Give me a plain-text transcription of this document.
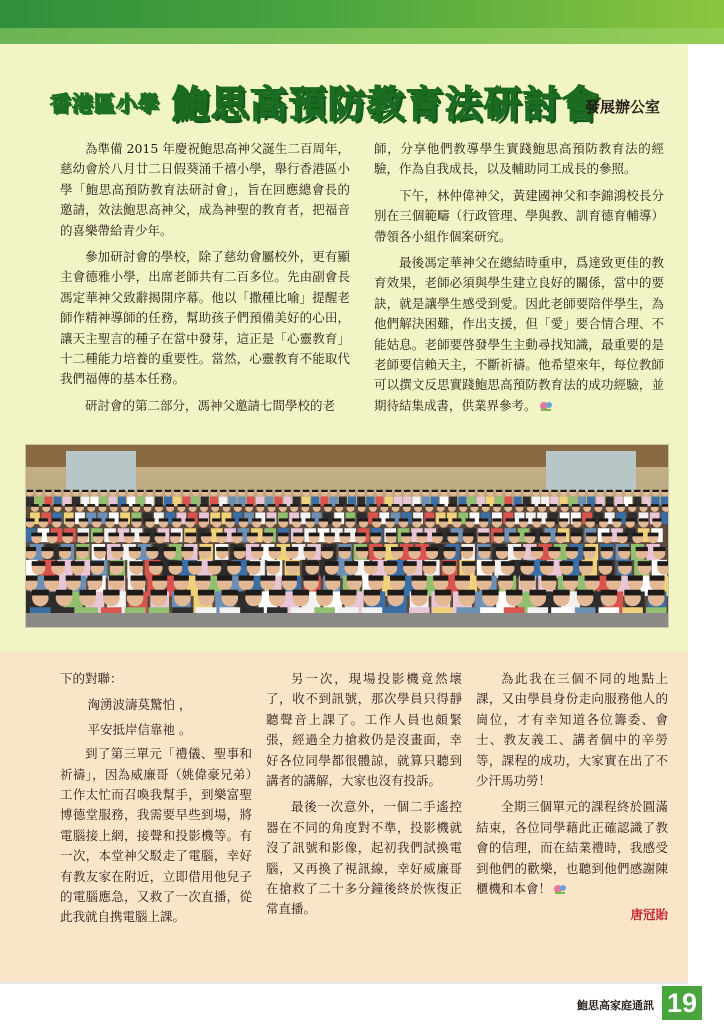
香港區小學 鮑思高預防教育法研討會
發展辦公室

為準備 2015 年慶祝鮑思高神父誕生二百周年，慈幼會於八月廿二日假葵涌千禧小學，舉行香港區小學「鮑思高預防教育法研討會」，旨在回應總會長的邀請，效法鮑思高神父，成為神聖的教育者，把福音的喜樂帶給青少年。

參加研討會的學校，除了慈幼會屬校外，更有顯主會德雅小學，出席老師共有二百多位。先由副會長馮定華神父致辭揭開序幕。他以「撒種比喻」提醒老師作精神導師的任務，幫助孩子們預備美好的心田，讓天主聖言的種子在當中發芽，這正是「心靈教育」十二種能力培養的重要性。當然，心靈教育不能取代我們福傳的基本任務。

研討會的第二部分，馮神父邀請七間學校的老

師，分享他們教導學生實踐鮑思高預防教育法的經驗，作為自我成長，以及輔助同工成長的參照。

下午，林仲偉神父，黃建國神父和李錦鴻校長分別在三個範疇（行政管理、學與教、訓育德育輔導）帶領各小組作個案研究。

最後馮定華神父在總結時重申，爲達致更佳的教育效果，老師必須與學生建立良好的關係，當中的要訣，就是讓學生感受到愛。因此老師要陪伴學生，為他們解決困難，作出支援，但「愛」要合情合理、不能姑息。老師要啓發學生主動尋找知識，最重要的是老師要信賴天主，不斷祈禱。他希望來年，每位教師可以撰文反思實踐鮑思高預防教育法的成功經驗，並期待結集成書，供業界參考。

下的對聯：

洶湧波濤莫驚怕 ，

平安抵岸信靠祂 。

到了第三單元「禮儀、聖事和祈禱」，因為威廉哥（姚偉豪兄弟）工作太忙而召喚我幫手，到樂富聖博德堂服務，我需要早些到場，將電腦接上網，接聲和投影機等。有一次，本堂神父駁走了電腦，幸好有教友家在附近，立即借用他兒子的電腦應急，又救了一次直播，從此我就自携電腦上課。

另一次，現場投影機竟然壞了，收不到訊號，那次學員只得靜聽聲音上課了。工作人員也頗緊張，經過全力搶救仍是沒畫面，幸好各位同學都很體諒，就算只聽到講者的講解，大家也沒有投訴。

最後一次意外，一個二手遙控器在不同的角度對不準，投影機就沒了訊號和影像，起初我們試換電腦，又再換了視訊線，幸好威廉哥在搶救了二十多分鐘後終於恢復正常直播。

為此我在三個不同的地點上課，又由學員身份走向服務他人的崗位，才有幸知道各位籌委、會士、教友義工、講者個中的辛勞等，課程的成功，大家實在出了不少汗馬功勞！

全期三個單元的課程終於圓滿結束，各位同學藉此正確認識了教會的信理，而在結業禮時，我感受到他們的歡樂，也聽到他們感謝陳櫃機和本會！

唐冠貽

鮑思高家庭通訊 19
